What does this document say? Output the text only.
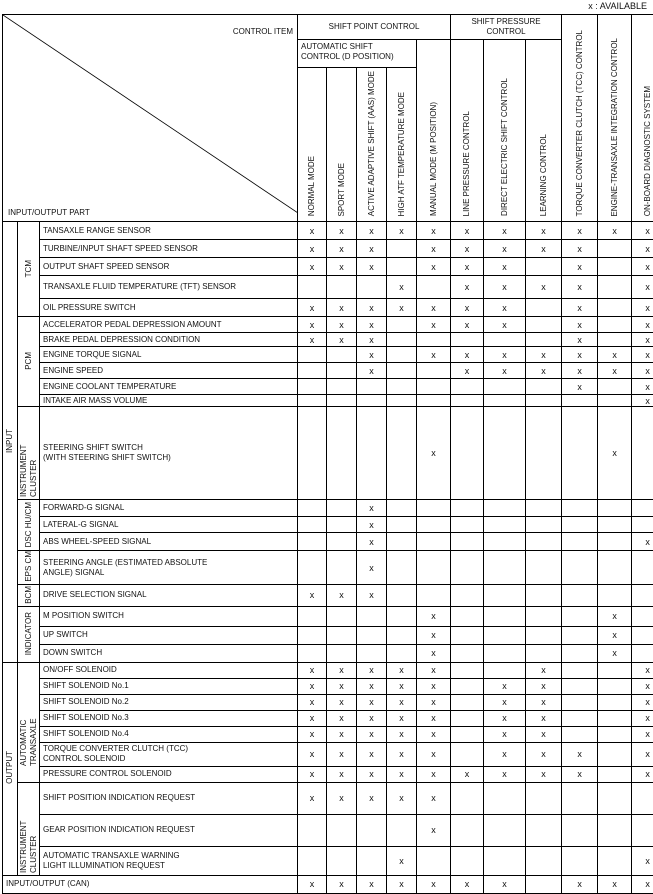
x : AVAILABLE
CONTROL ITEM
INPUT/OUTPUT PART			SHIFT POINT CONTROL					SHIFT PRESSURE CONTROL			TORQUE CONVERTER CLUTCH (TCC) CONTROL	ENGINE-TRANSAXLE INTEGRATION CONTROL	ON-BOARD DIAGNOSTIC SYSTEM
			AUTOMATIC SHIFT CONTROL (D POSITION)				MANUAL MODE (M POSITION)	LINE PRESSURE CONTROL	DIRECT ELECTRIC SHIFT CONTROL	LEARNING CONTROL			
			NORMAL MODE	SPORT MODE	ACTIVE ADAPTIVE SHIFT (AAS) MODE	HIGH ATF TEMPERATURE MODE							
INPUT	TCM	TANSAXLE RANGE SENSOR	x	x	x	x	x	x	x	x	x	x	x
		TURBINE/INPUT SHAFT SPEED SENSOR	x	x	x		x	x	x	x	x		x
		OUTPUT SHAFT SPEED SENSOR	x	x	x		x	x	x		x		x
		TRANSAXLE FLUID TEMPERATURE (TFT) SENSOR				x		x	x	x	x		x
		OIL PRESSURE SWITCH	x	x	x	x	x	x	x		x		x
	PCM	ACCELERATOR PEDAL DEPRESSION AMOUNT	x	x	x		x	x	x		x		x
		BRAKE PEDAL DEPRESSION CONDITION	x	x	x						x		x
		ENGINE TORQUE SIGNAL			x		x	x	x	x	x	x	x
		ENGINE SPEED			x			x	x	x	x	x	x
		ENGINE COOLANT TEMPERATURE									x		x
		INTAKE AIR MASS VOLUME											x
	INSTRUMENT CLUSTER	STEERING SHIFT SWITCH
(WITH STEERING SHIFT SWITCH)					x					x	
	DSC HU/CM	FORWARD-G SIGNAL			x								
		LATERAL-G SIGNAL			x								
		ABS WHEEL-SPEED SIGNAL			x								x
	EPS CM	STEERING ANGLE (ESTIMATED ABSOLUTE
ANGLE) SIGNAL			x								
	BCM	DRIVE SELECTION SIGNAL	x	x	x								
	INDICATOR	M POSITION SWITCH					x					x	
		UP SWITCH					x					x	
		DOWN SWITCH					x					x	
OUTPUT	AUTOMATIC TRANSAXLE	ON/OFF SOLENOID	x	x	x	x	x			x			x
		SHIFT SOLENOID No.1	x	x	x	x	x		x	x			x
		SHIFT SOLENOID No.2	x	x	x	x	x		x	x			x
		SHIFT SOLENOID No.3	x	x	x	x	x		x	x			x
		SHIFT SOLENOID No.4	x	x	x	x	x		x	x			x
		TORQUE CONVERTER CLUTCH (TCC)
CONTROL SOLENOID	x	x	x	x	x		x	x	x		x
		PRESSURE CONTROL SOLENOID	x	x	x	x	x	x	x	x	x		x
	INSTRUMENT CLUSTER	SHIFT POSITION INDICATION REQUEST	x	x	x	x	x						
		GEAR POSITION INDICATION REQUEST					x						
		AUTOMATIC TRANSAXLE WARNING
LIGHT ILLUMINATION REQUEST				x							x
INPUT/OUTPUT (CAN)			x	x	x	x	x	x	x		x	x	x
